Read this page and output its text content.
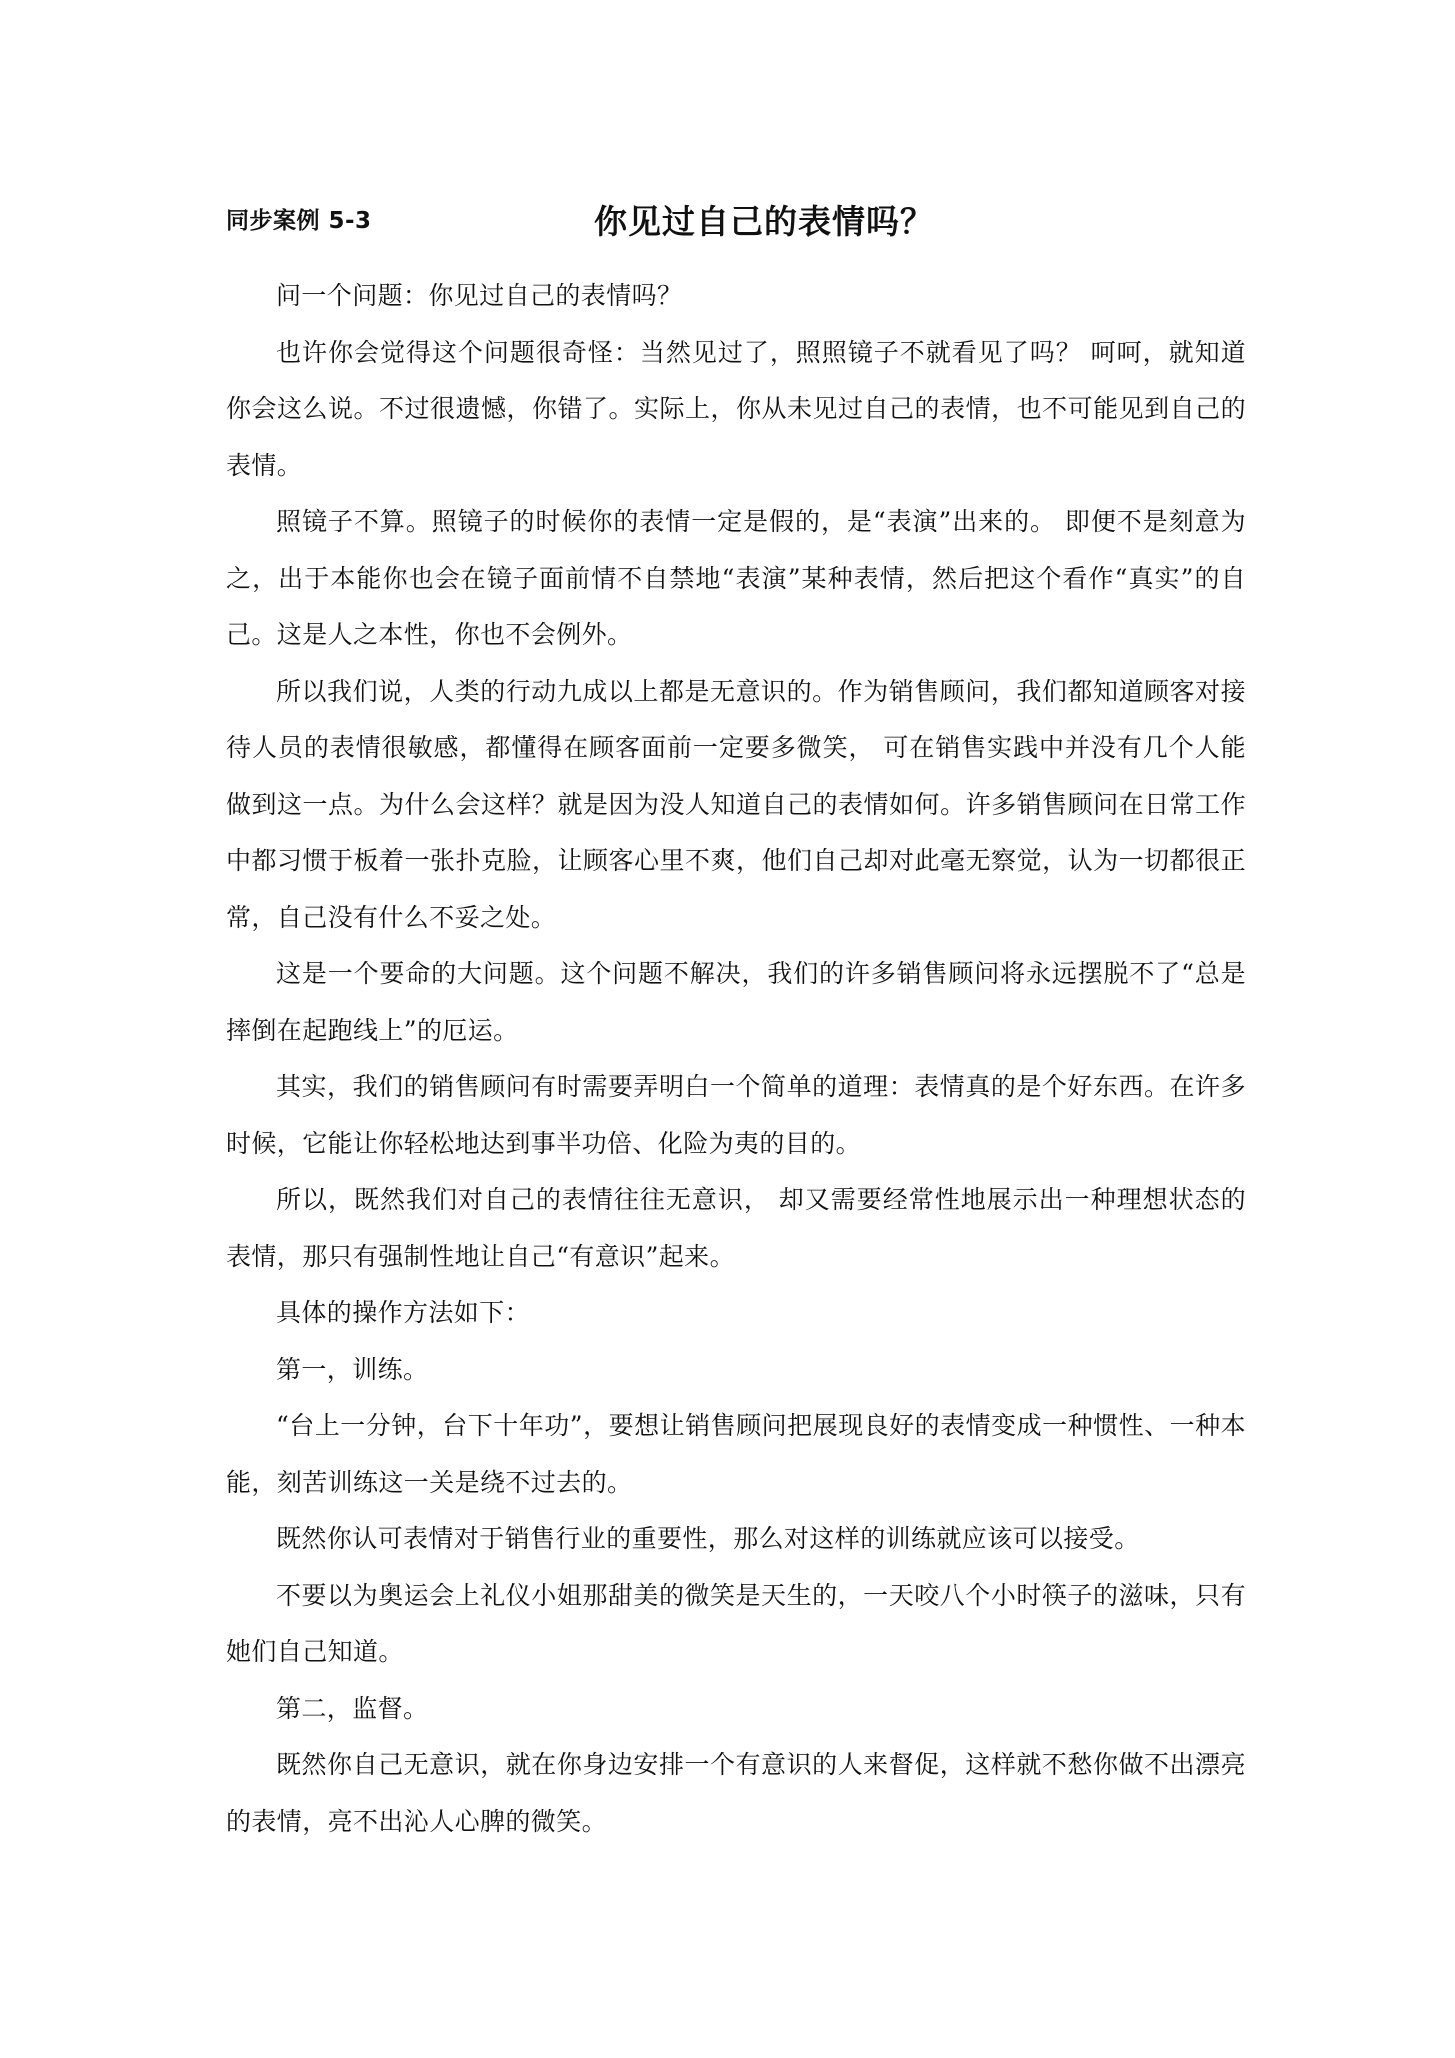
同步案例 5-3	你见过自己的表情吗？

问一个问题：你见过自己的表情吗？

也许你会觉得这个问题很奇怪：当然见过了，照照镜子不就看见了吗？ 呵呵，就知道你会这么说。不过很遗憾，你错了。实际上，你从未见过自己的表情，也不可能见到自己的表情。

照镜子不算。照镜子的时候你的表情一定是假的，是“表演”出来的。 即便不是刻意为之，出于本能你也会在镜子面前情不自禁地“表演”某种表情，然后把这个看作“真实”的自己。这是人之本性，你也不会例外。

所以我们说，人类的行动九成以上都是无意识的。作为销售顾问，我们都知道顾客对接待人员的表情很敏感，都懂得在顾客面前一定要多微笑， 可在销售实践中并没有几个人能做到这一点。为什么会这样？就是因为没人知道自己的表情如何。许多销售顾问在日常工作中都习惯于板着一张扑克脸，让顾客心里不爽，他们自己却对此毫无察觉，认为一切都很正常，自己没有什么不妥之处。

这是一个要命的大问题。这个问题不解决，我们的许多销售顾问将永远摆脱不了“总是摔倒在起跑线上”的厄运。

其实，我们的销售顾问有时需要弄明白一个简单的道理：表情真的是个好东西。在许多时候，它能让你轻松地达到事半功倍、化险为夷的目的。

所以，既然我们对自己的表情往往无意识， 却又需要经常性地展示出一种理想状态的表情，那只有强制性地让自己“有意识”起来。

具体的操作方法如下：

第一，训练。

“台上一分钟，台下十年功”，要想让销售顾问把展现良好的表情变成一种惯性、一种本能，刻苦训练这一关是绕不过去的。

既然你认可表情对于销售行业的重要性，那么对这样的训练就应该可以接受。

不要以为奥运会上礼仪小姐那甜美的微笑是天生的，一天咬八个小时筷子的滋味，只有她们自己知道。

第二，监督。

既然你自己无意识，就在你身边安排一个有意识的人来督促，这样就不愁你做不出漂亮的表情，亮不出沁人心脾的微笑。
